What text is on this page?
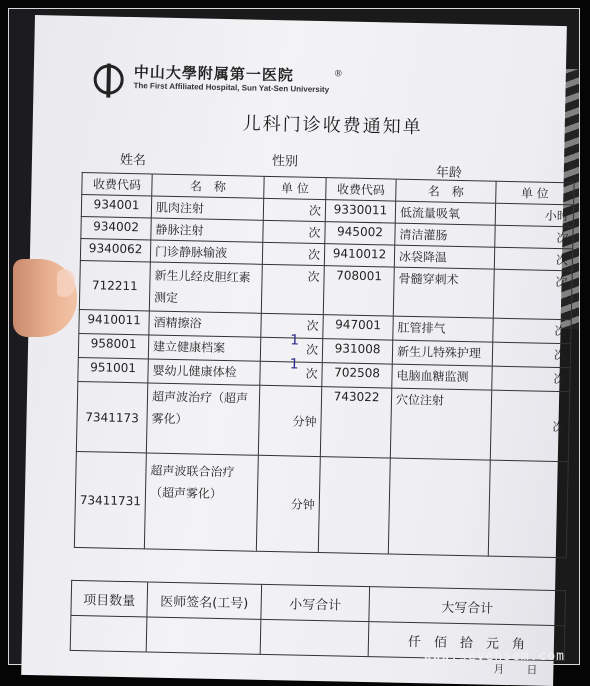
中山大學附属第一医院	®
The First Affiliated Hospital, Sun Yat-Sen University
儿科门诊收费通知单
姓名	性别
年龄
收费代码	名　称	单 位	收费代码	名　称	单 位
934001	肌肉注射	次	9330011	低流量吸氧	小时
934002	静脉注射	次	945002	清洁灌肠	次
9340062	门诊静脉输液	次	9410012	冰袋降温	次
712211	新生儿经皮胆红素测定	次	708001	骨髓穿刺术	次
9410011	酒精擦浴	次	947001	肛管排气	次
958001	建立健康档案	次	931008	新生儿特殊护理	次
951001	婴幼儿健康体检	次	702508	电脑血糖监测	次
7341173	超声波治疗（超声雾化）	分钟	743022	穴位注射	次
73411731	超声波联合治疗（超声雾化）	分钟			
1
1
项目数量	医师签名(工号)	小写合计	大写合计
			仟　佰　拾　元　角
月　　日
www.sevensem.com
